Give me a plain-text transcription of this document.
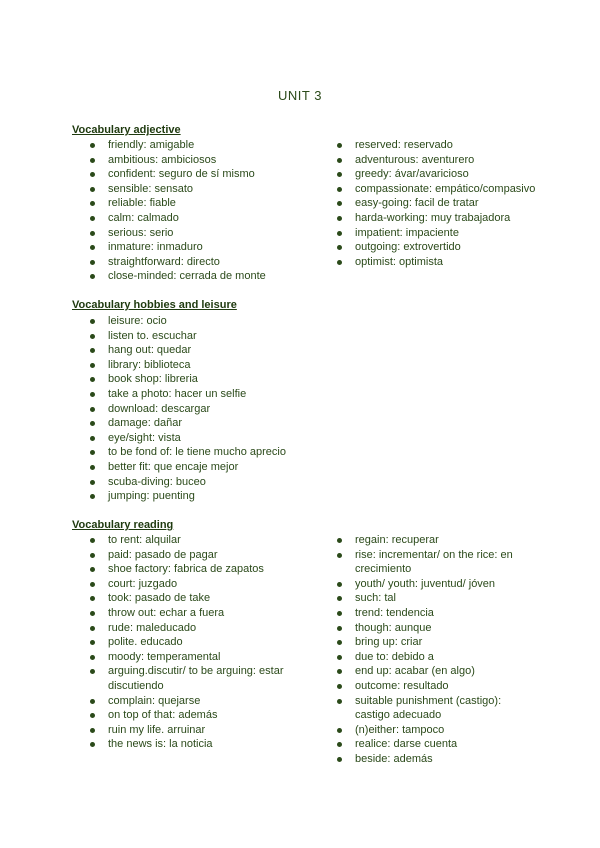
UNIT 3
Vocabulary adjective
friendly: amigable
ambitious: ambiciosos
confident: seguro de sí mismo
sensible: sensato
reliable: fiable
calm: calmado
serious: serio
inmature: inmaduro
straightforward: directo
close-minded: cerrada de monte
reserved: reservado
adventurous: aventurero
greedy: ávar/avaricioso
compassionate: empático/compasivo
easy-going: facil de tratar
harda-working: muy trabajadora
impatient: impaciente
outgoing: extrovertido
optimist: optimista
Vocabulary hobbies and leisure
leisure: ocio
listen to. escuchar
hang out: quedar
library: biblioteca
book shop: libreria
take a photo: hacer un selfie
download: descargar
damage: dañar
eye/sight: vista
to be fond of: le tiene mucho aprecio
better fit: que encaje mejor
scuba-diving: buceo
jumping: puenting
Vocabulary reading
to rent: alquilar
paid: pasado de pagar
shoe factory: fabrica de zapatos
court: juzgado
took: pasado de take
throw out: echar a fuera
rude: maleducado
polite. educado
moody: temperamental
arguing.discutir/ to be arguing: estar discutiendo
complain: quejarse
on top of that: además
ruin my life. arruinar
the news is: la noticia
regain: recuperar
rise: incrementar/ on the rice: en crecimiento
youth/ youth: juventud/ jóven
such: tal
trend: tendencia
though: aunque
bring up: criar
due to: debido a
end up: acabar (en algo)
outcome: resultado
suitable punishment (castigo): castigo adecuado
(n)either: tampoco
realice: darse cuenta
beside: además
